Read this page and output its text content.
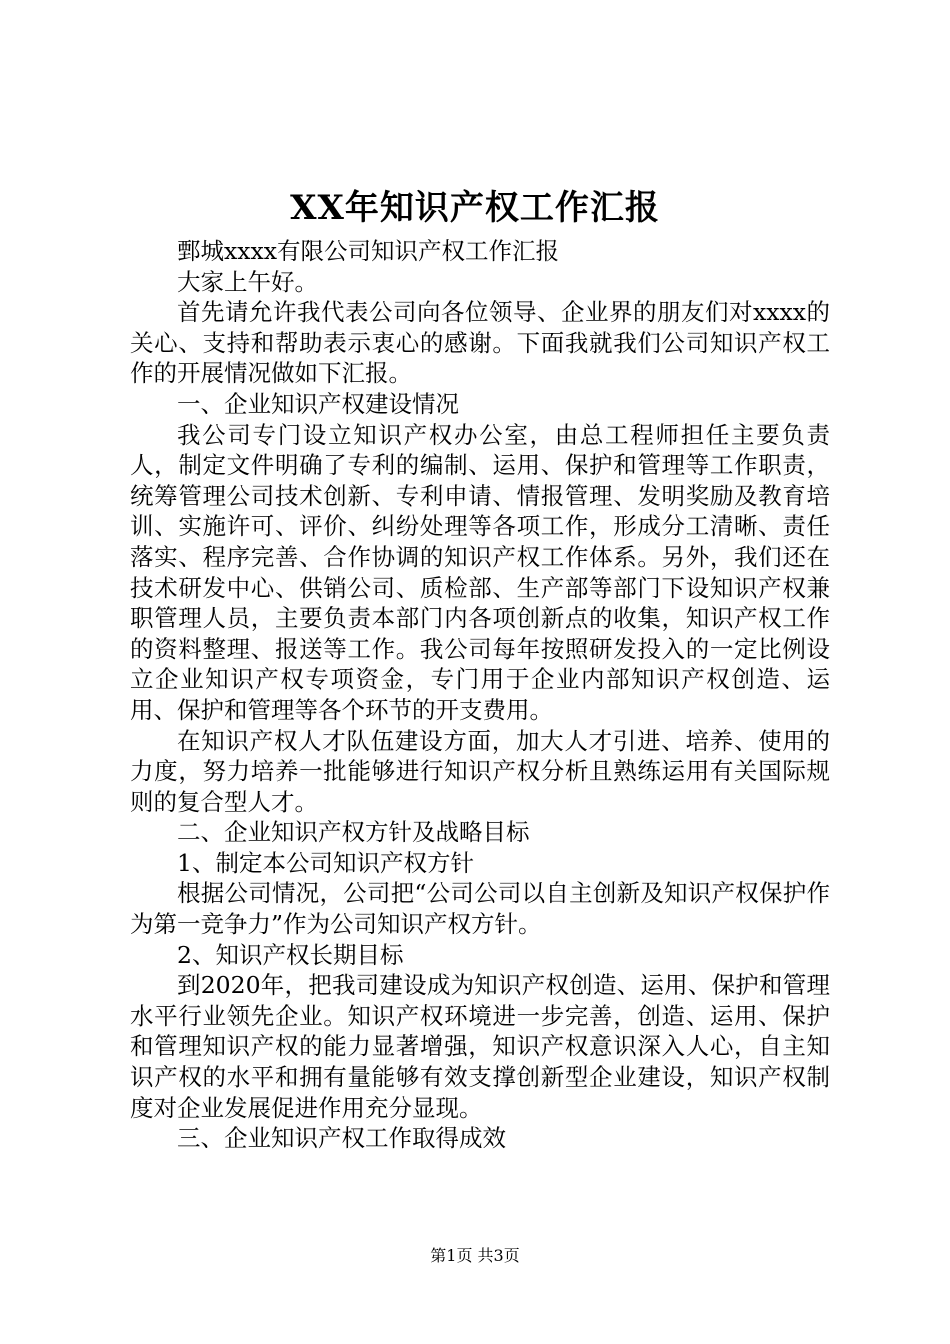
XX年知识产权工作汇报

鄄城xxxx有限公司知识产权工作汇报

大家上午好。

首先请允许我代表公司向各位领导、企业界的朋友们对xxxx的关心、支持和帮助表示衷心的感谢。下面我就我们公司知识产权工作的开展情况做如下汇报。

一、企业知识产权建设情况

我公司专门设立知识产权办公室，由总工程师担任主要负责人，制定文件明确了专利的编制、运用、保护和管理等工作职责，统筹管理公司技术创新、专利申请、情报管理、发明奖励及教育培训、实施许可、评价、纠纷处理等各项工作，形成分工清晰、责任落实、程序完善、合作协调的知识产权工作体系。另外，我们还在技术研发中心、供销公司、质检部、生产部等部门下设知识产权兼职管理人员，主要负责本部门内各项创新点的收集，知识产权工作的资料整理、报送等工作。我公司每年按照研发投入的一定比例设立企业知识产权专项资金，专门用于企业内部知识产权创造、运用、保护和管理等各个环节的开支费用。

在知识产权人才队伍建设方面，加大人才引进、培养、使用的力度，努力培养一批能够进行知识产权分析且熟练运用有关国际规则的复合型人才。

二、企业知识产权方针及战略目标

1、制定本公司知识产权方针

根据公司情况，公司把“公司公司以自主创新及知识产权保护作为第一竞争力”作为公司知识产权方针。

2、知识产权长期目标

到2020年，把我司建设成为知识产权创造、运用、保护和管理水平行业领先企业。知识产权环境进一步完善，创造、运用、保护和管理知识产权的能力显著增强，知识产权意识深入人心，自主知识产权的水平和拥有量能够有效支撑创新型企业建设，知识产权制度对企业发展促进作用充分显现。

三、企业知识产权工作取得成效

第1页 共3页
